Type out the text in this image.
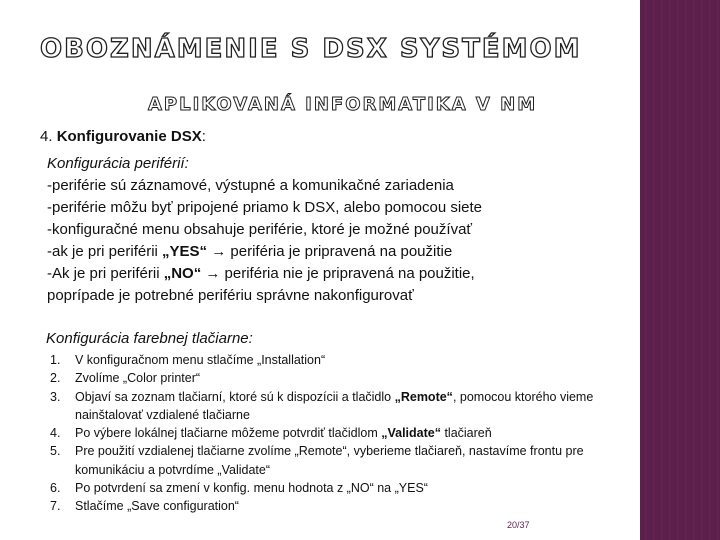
OBOZNÁMENIE S DSX SYSTÉMOM
APLIKOVANÁ INFORMATIKA V NM
4. Konfigurovanie DSX:
Konfigurácia periférií:
-periférie sú záznamové, výstupné a komunikačné zariadenia
-periférie môžu byť pripojené priamo k DSX, alebo pomocou siete
-konfiguračné menu obsahuje periférie, ktoré je možné používať
-ak je pri periférii „YES“ → periféria je pripravená na použitie
-Ak je pri periférii „NO“ → periféria nie je pripravená na použitie,
poprípade je potrebné perifériu správne nakonfigurovať
Konfigurácia farebnej tlačiarne:
1. V konfiguračnom menu stlačíme „Installation“
2. Zvolíme „Color printer“
3. Objaví sa zoznam tlačiarní, ktoré sú k dispozícii a tlačidlo „Remote“, pomocou ktorého vieme nainštalovať vzdialené tlačiarne
4. Po výbere lokálnej tlačiarne môžeme potvrdiť tlačidlom „Validate“ tlačiareň
5. Pre použití vzdialenej tlačiarne zvolíme „Remote“, vyberieme tlačiareň, nastavíme frontu pre komunikáciu a potvrdíme „Validate“
6. Po potvrdení sa zmení v konfig. menu hodnota z „NO“ na „YES“
7. Stlačíme „Save configuration“
20/37
